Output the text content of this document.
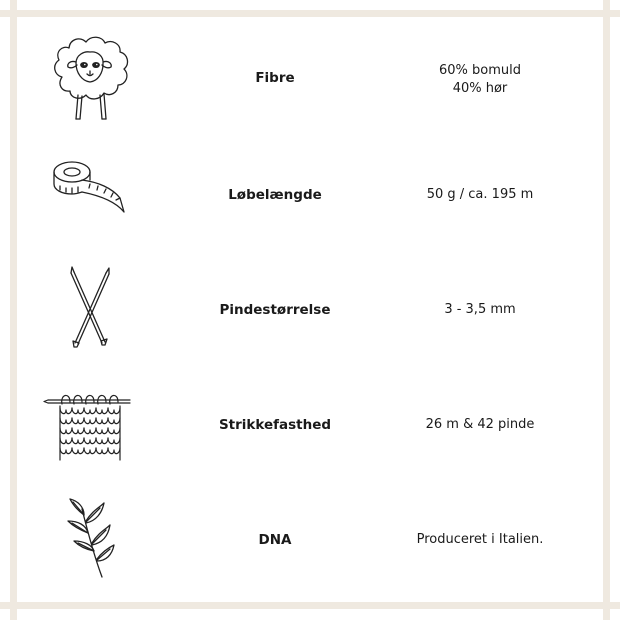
Fibre	60% bomuld
40% hør
Løbelængde	50 g / ca. 195 m
Pindestørrelse	3 - 3,5 mm
Strikkefasthed	26 m & 42 pinde
DNA	Produceret i Italien.
